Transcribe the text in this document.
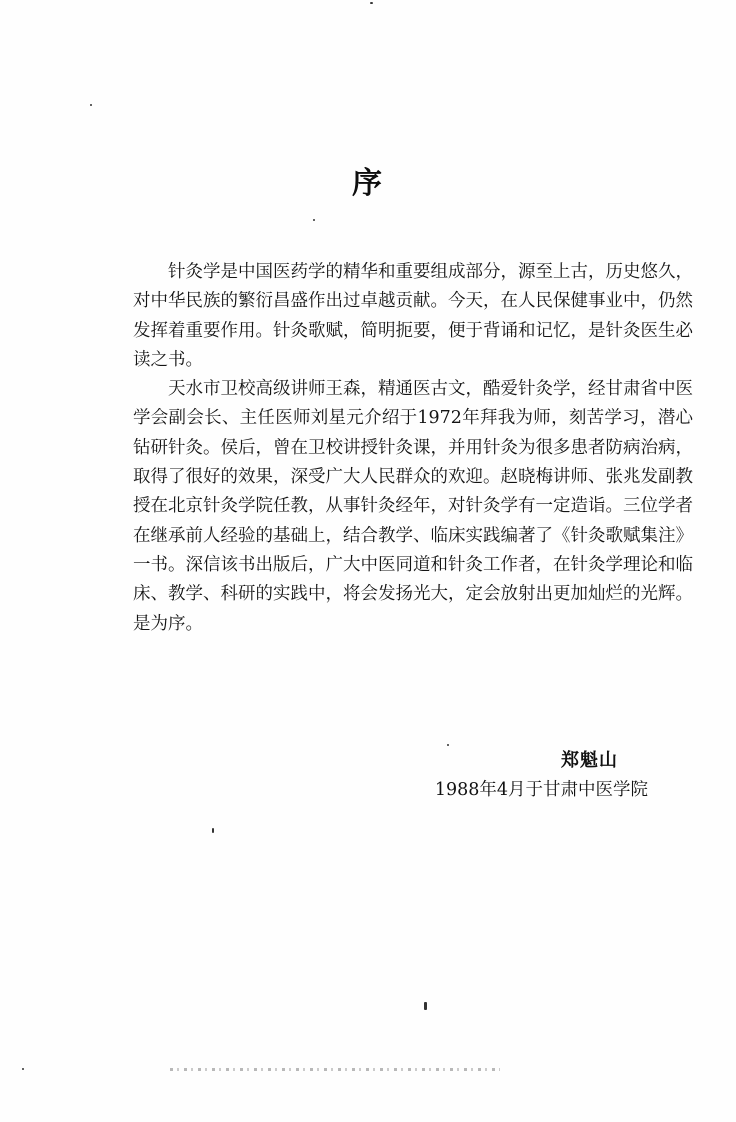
序

针灸学是中国医药学的精华和重要组成部分，源至上古，历史悠久，对中华民族的繁衍昌盛作出过卓越贡献。今天，在人民保健事业中，仍然发挥着重要作用。针灸歌赋，简明扼要，便于背诵和记忆，是针灸医生必读之书。

天水市卫校高级讲师王森，精通医古文，酷爱针灸学，经甘肃省中医学会副会长、主任医师刘星元介绍于1972年拜我为师，刻苦学习，潜心钻研针灸。侯后，曾在卫校讲授针灸课，并用针灸为很多患者防病治病，取得了很好的效果，深受广大人民群众的欢迎。赵晓梅讲师、张兆发副教授在北京针灸学院任教，从事针灸经年，对针灸学有一定造诣。三位学者在继承前人经验的基础上，结合教学、临床实践编著了《针灸歌赋集注》一书。深信该书出版后，广大中医同道和针灸工作者，在针灸学理论和临床、教学、科研的实践中，将会发扬光大，定会放射出更加灿烂的光辉。是为序。

郑魁山
1988年4月于甘肃中医学院
